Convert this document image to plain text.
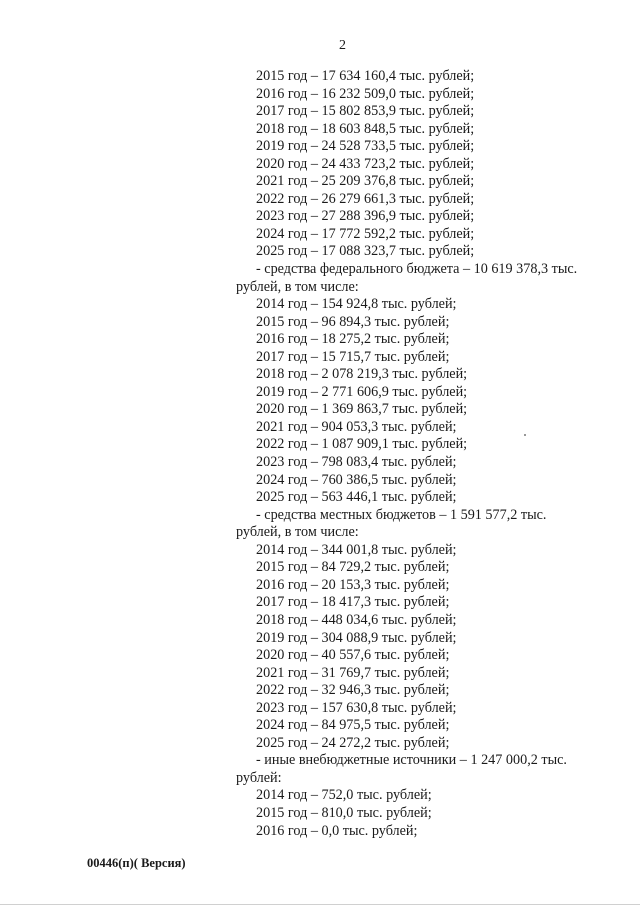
2
2015 год – 17 634 160,4 тыс. рублей;
2016 год – 16 232 509,0 тыс. рублей;
2017 год – 15 802 853,9 тыс. рублей;
2018 год – 18 603 848,5 тыс. рублей;
2019 год – 24 528 733,5 тыс. рублей;
2020 год – 24 433 723,2 тыс. рублей;
2021 год – 25 209 376,8 тыс. рублей;
2022 год – 26 279 661,3 тыс. рублей;
2023 год – 27 288 396,9 тыс. рублей;
2024 год – 17 772 592,2 тыс. рублей;
2025 год – 17 088 323,7 тыс. рублей;
- средства федерального бюджета – 10 619 378,3 тыс.
рублей, в том числе:
2014 год – 154 924,8 тыс. рублей;
2015 год – 96 894,3 тыс. рублей;
2016 год – 18 275,2 тыс. рублей;
2017 год – 15 715,7 тыс. рублей;
2018 год – 2 078 219,3 тыс. рублей;
2019 год – 2 771 606,9 тыс. рублей;
2020 год – 1 369 863,7 тыс. рублей;
2021 год – 904 053,3 тыс. рублей;
2022 год – 1 087 909,1 тыс. рублей;
2023 год – 798 083,4 тыс. рублей;
2024 год – 760 386,5 тыс. рублей;
2025 год – 563 446,1 тыс. рублей;
- средства местных бюджетов – 1 591 577,2 тыс.
рублей, в том числе:
2014 год – 344 001,8 тыс. рублей;
2015 год – 84 729,2 тыс. рублей;
2016 год – 20 153,3 тыс. рублей;
2017 год – 18 417,3 тыс. рублей;
2018 год – 448 034,6 тыс. рублей;
2019 год – 304 088,9 тыс. рублей;
2020 год – 40 557,6 тыс. рублей;
2021 год – 31 769,7 тыс. рублей;
2022 год – 32 946,3 тыс. рублей;
2023 год – 157 630,8 тыс. рублей;
2024 год – 84 975,5 тыс. рублей;
2025 год – 24 272,2 тыс. рублей;
- иные внебюджетные источники – 1 247 000,2 тыс.
рублей:
2014 год – 752,0 тыс. рублей;
2015 год – 810,0 тыс. рублей;
2016 год – 0,0 тыс. рублей;
00446(п)( Версия)
